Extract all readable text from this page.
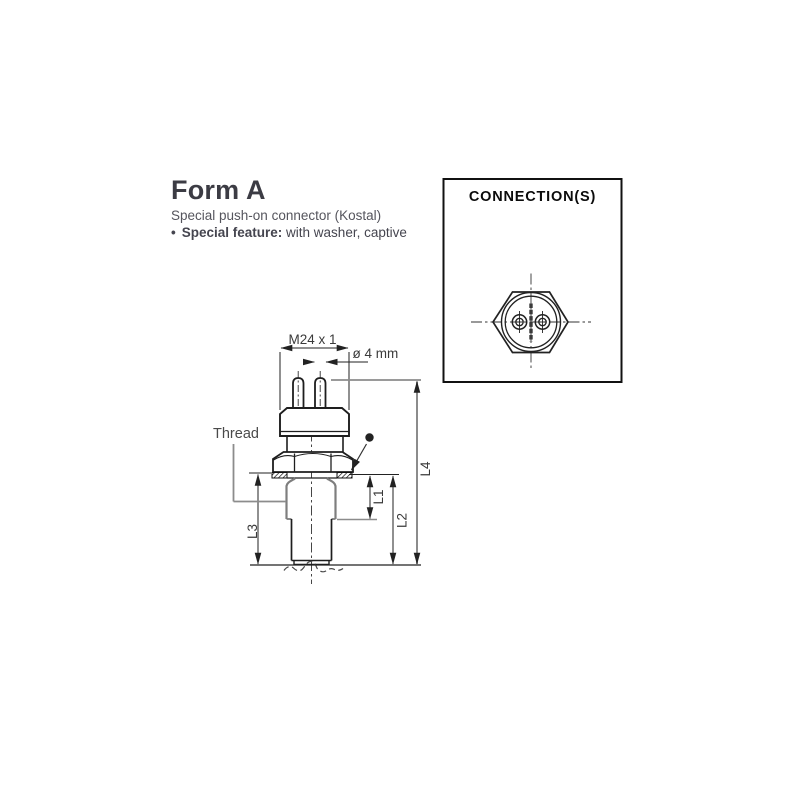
Form A
Special push-on connector (Kostal)
• Special feature: with washer, captive
CONNECTION(S)
M24 x 1
ø 4 mm
L1
L2
L3
L4
Thread
